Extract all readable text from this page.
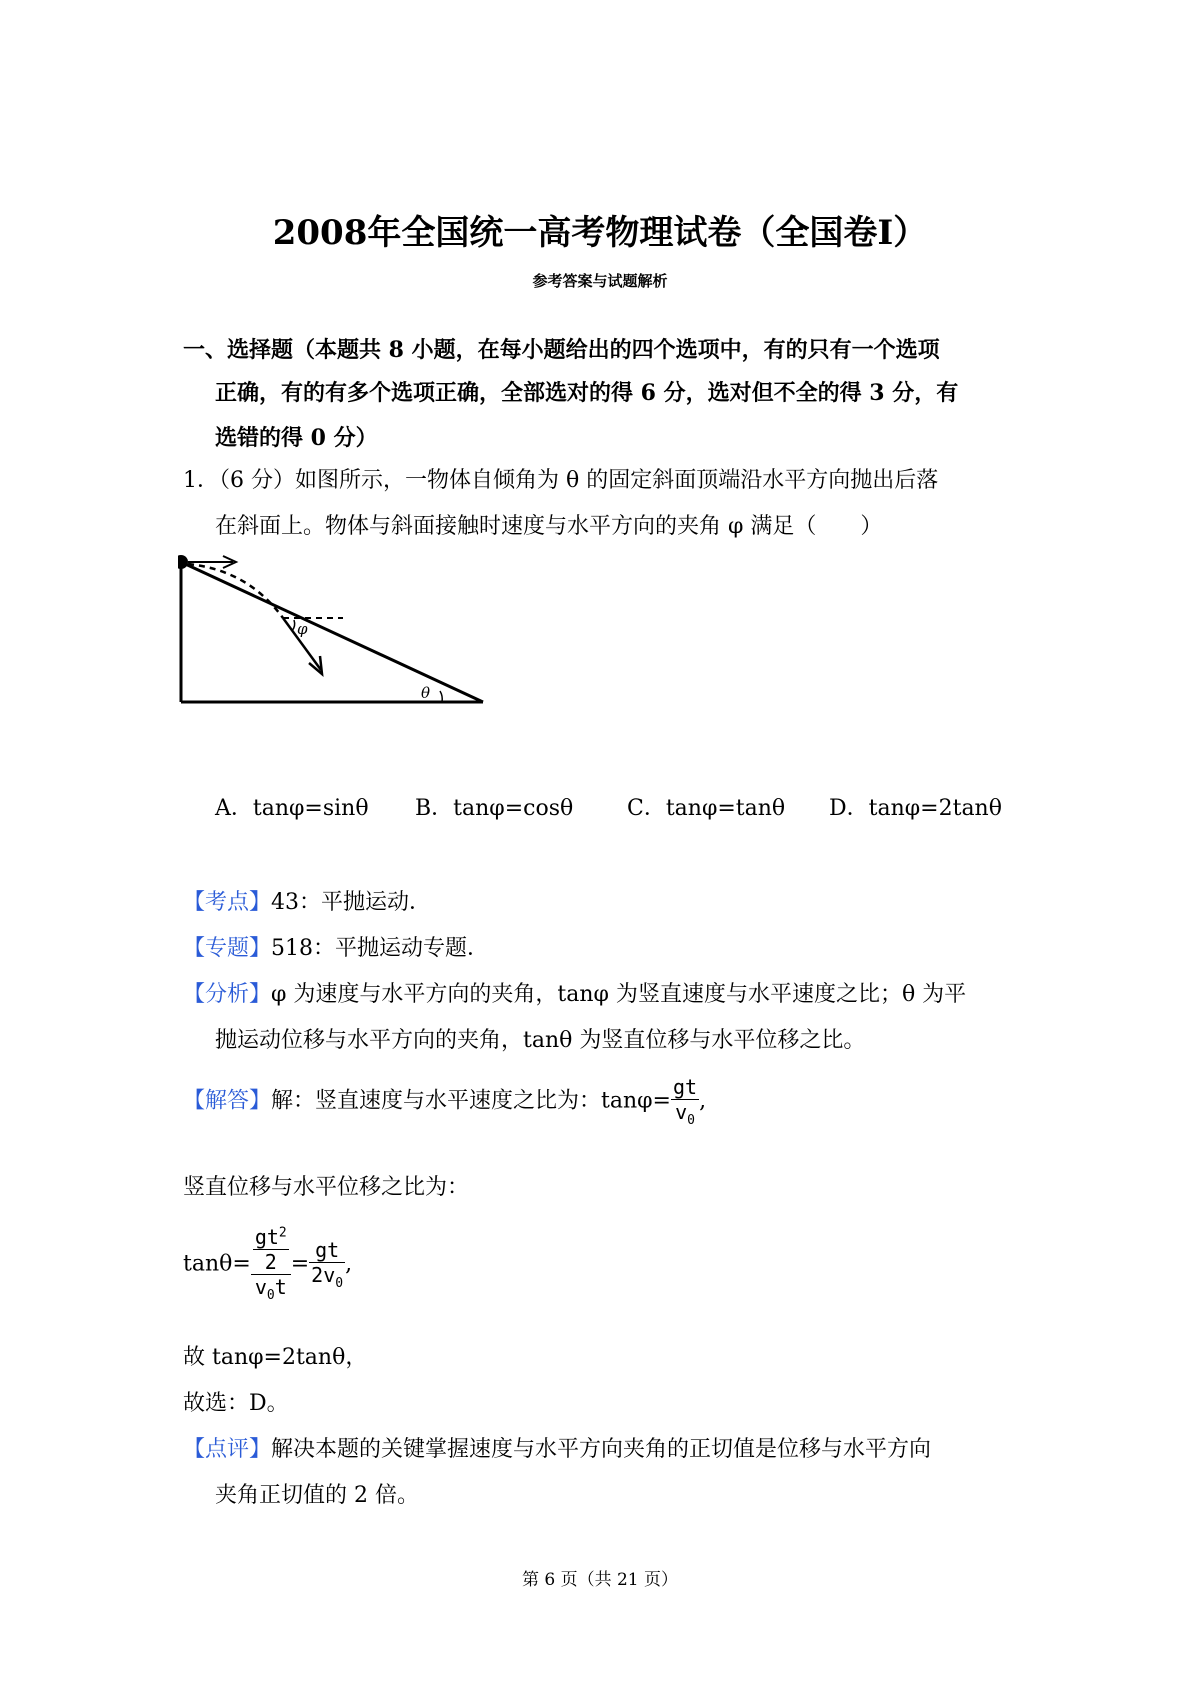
2008年全国统一高考物理试卷（全国卷I）
参考答案与试题解析
一、选择题（本题共 8 小题，在每小题给出的四个选项中，有的只有一个选项
正确，有的有多个选项正确，全部选对的得 6 分，选对但不全的得 3 分，有
选错的得 0 分）
1．（6 分）如图所示，一物体自倾角为 θ 的固定斜面顶端沿水平方向抛出后落
在斜面上。物体与斜面接触时速度与水平方向的夹角 φ 满足（　　）
φ
θ
A．tanφ=sinθ B．tanφ=cosθ C．tanφ=tanθ D．tanφ=2tanθ
【考点】43：平抛运动．
【专题】518：平抛运动专题．
【分析】φ 为速度与水平方向的夹角，tanφ 为竖直速度与水平速度之比；θ 为平
抛运动位移与水平方向的夹角，tanθ 为竖直位移与水平位移之比。
【解答】解：竖直速度与水平速度之比为：$\tan\varphi= \frac{gt}{v_0}$ ,
竖直位移与水平位移之比为：
$\tan\theta= \frac{\frac{gt^2}{2}}{v_0t} = \frac{gt}{2v_0}$ ,
故 tanφ=2tanθ，
故选：D。
【点评】解决本题的关键掌握速度与水平方向夹角的正切值是位移与水平方向
夹角正切值的 2 倍。
第 6 页（共 21 页）
